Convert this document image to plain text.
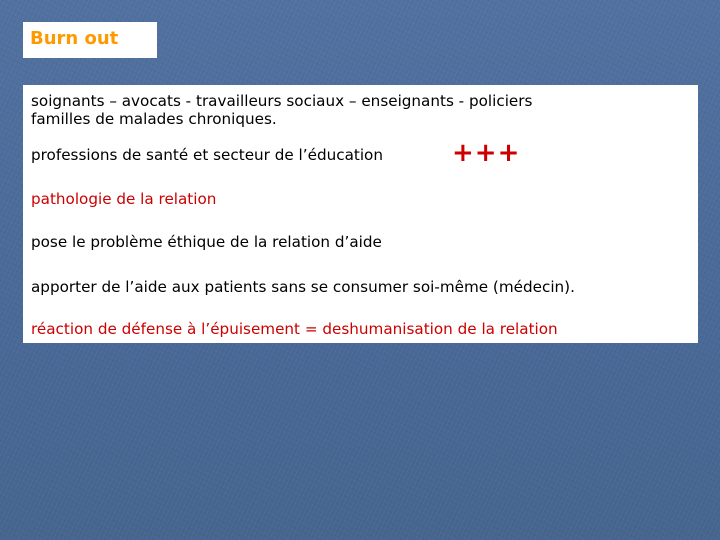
Burn out

soignants – avocats - travailleurs sociaux – enseignants - policiers

familles de malades chroniques.

professions de santé et secteur de l’éducation	+++

pathologie de la relation

pose le problème éthique de la relation d’aide

apporter de l’aide aux patients sans se consumer soi-même (médecin).

réaction de défense à l’épuisement = deshumanisation de la relation
